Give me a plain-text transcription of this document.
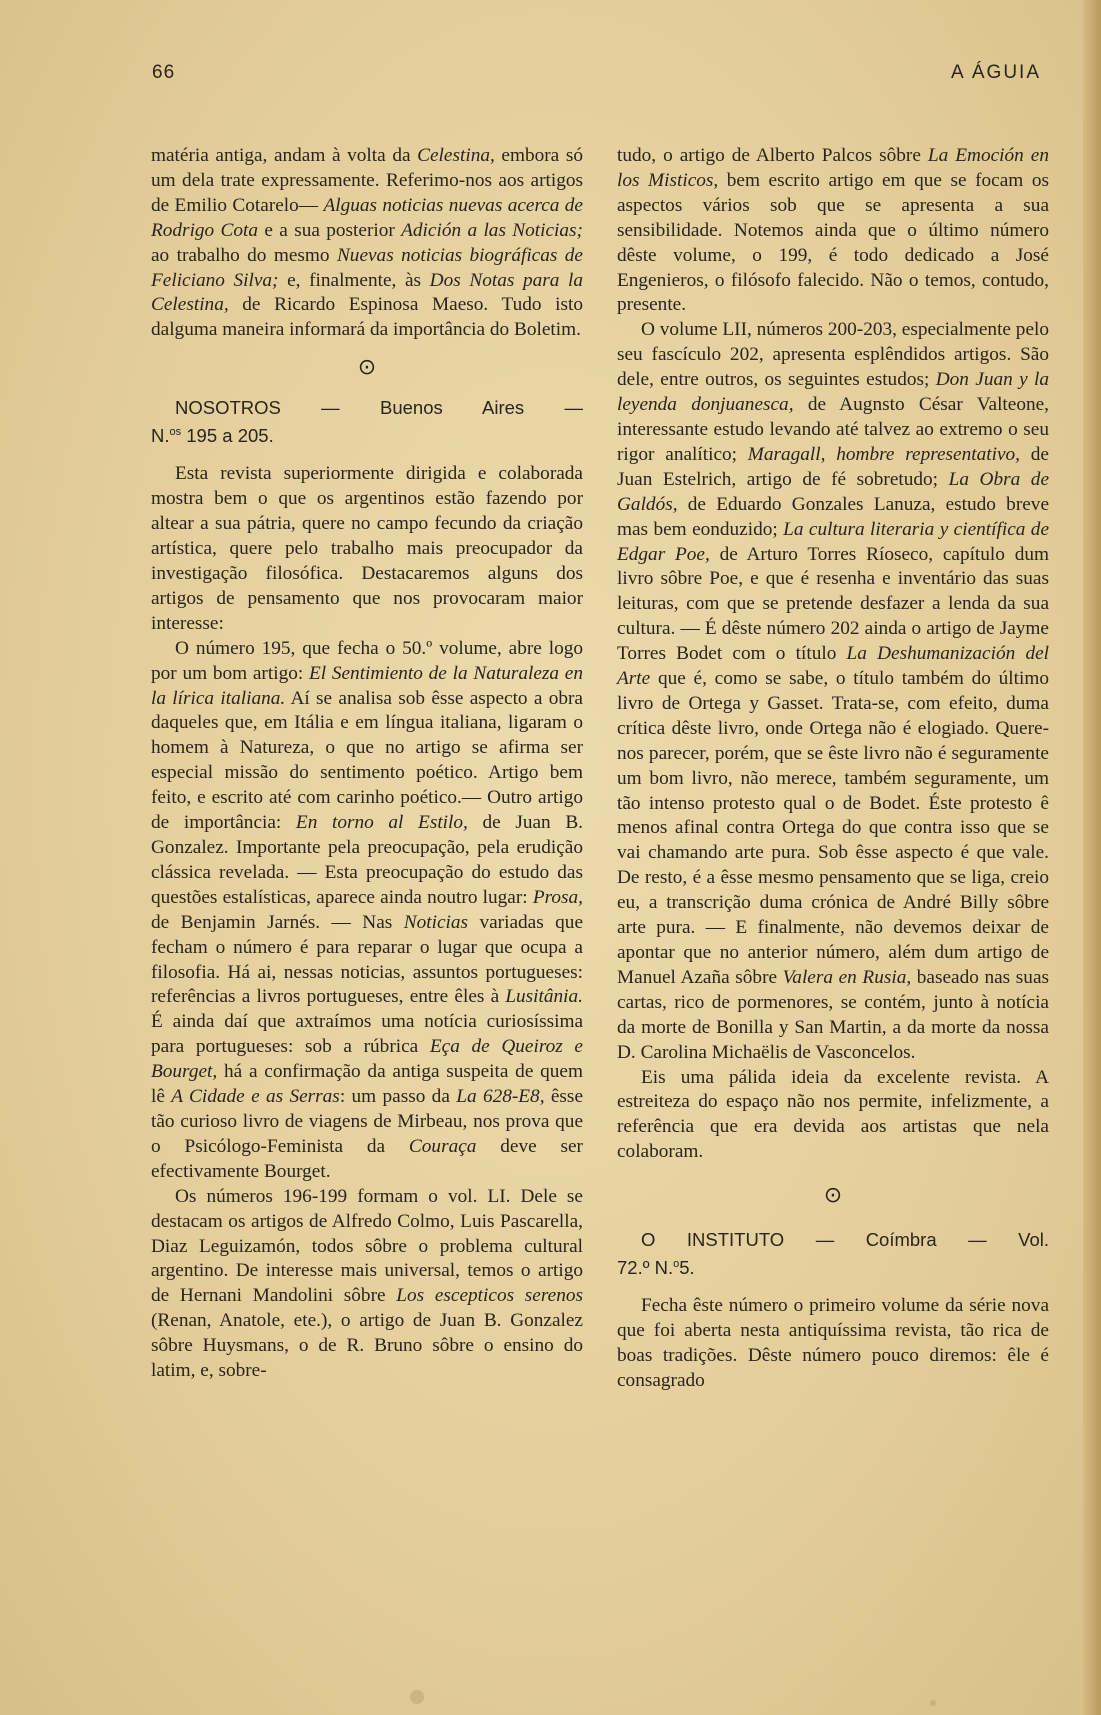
66	A ÁGUIA

matéria antiga, andam à volta da Celestina, embora só um dela trate expressamente. Referimo-nos aos artigos de Emilio Cotarelo— Alguas noticias nuevas acerca de Rodrigo Cota e a sua posterior Adición a las Noticias; ao trabalho do mesmo Nuevas noticias biográficas de Feliciano Silva; e, finalmente, às Dos Notas para la Celestina, de Ricardo Espinosa Maeso. Tudo isto dalguma maneira informará da importância do Boletim.

⊙
NOSOTROS — Buenos Aires —
N.$^{os}$ 195 a 205.

Esta revista superiormente dirigida e colaborada mostra bem o que os argentinos estão fazendo por altear a sua pátria, quere no campo fecundo da criação artística, quere pelo trabalho mais preocupador da investigação filosófica. Destacaremos alguns dos artigos de pensamento que nos provocaram maior interesse:

O número 195, que fecha o 50.º volume, abre logo por um bom artigo: El Sentimiento de la Naturaleza en la lírica italiana. Aí se analisa sob êsse aspecto a obra daqueles que, em Itália e em língua italiana, ligaram o homem à Natureza, o que no artigo se afirma ser especial missão do sentimento poético. Artigo bem feito, e escrito até com carinho poético.— Outro artigo de importância: En torno al Estilo, de Juan B. Gonzalez. Importante pela preocupação, pela erudição clássica revelada. — Esta preocupação do estudo das questões estalísticas, aparece ainda noutro lugar: Prosa, de Benjamin Jarnés. — Nas Noticias variadas que fecham o número é para reparar o lugar que ocupa a filosofia. Há ai, nessas noticias, assuntos portugueses: referências a livros portugueses, entre êles à Lusitânia. É ainda daí que axtraímos uma notícia curiosíssima para portugueses: sob a rúbrica Eça de Queiroz e Bourget, há a confirmação da antiga suspeita de quem lê A Cidade e as Serras: um passo da La 628-E8, êsse tão curioso livro de viagens de Mirbeau, nos prova que o Psicólogo-Feminista da Couraça deve ser efectivamente Bourget.

Os números 196-199 formam o vol. LI. Dele se destacam os artigos de Alfredo Colmo, Luis Pascarella, Diaz Leguizamón, todos sôbre o problema cultural argentino. De interesse mais universal, temos o artigo de Hernani Mandolini sôbre Los escepticos serenos (Renan, Anatole, ete.), o artigo de Juan B. Gonzalez sôbre Huysmans, o de R. Bruno sôbre o ensino do latim, e, sobre-

tudo, o artigo de Alberto Palcos sôbre La Emoción en los Misticos, bem escrito artigo em que se focam os aspectos vários sob que se apresenta a sua sensibilidade. Notemos ainda que o último número dêste volume, o 199, é todo dedicado a José Engenieros, o filósofo falecido. Não o temos, contudo, presente.

O volume LII, números 200-203, especialmente pelo seu fascículo 202, apresenta esplêndidos artigos. São dele, entre outros, os seguintes estudos; Don Juan y la leyenda donjuanesca, de Augnsto César Valteone, interessante estudo levando até talvez ao extremo o seu rigor analítico; Maragall, hombre representativo, de Juan Estelrich, artigo de fé sobretudo; La Obra de Galdós, de Eduardo Gonzales Lanuza, estudo breve mas bem eonduzido; La cultura literaria y científica de Edgar Poe, de Arturo Torres Ríoseco, capítulo dum livro sôbre Poe, e que é resenha e inventário das suas leituras, com que se pretende desfazer a lenda da sua cultura. — É dêste número 202 ainda o artigo de Jayme Torres Bodet com o título La Deshumanización del Arte que é, como se sabe, o título também do último livro de Ortega y Gasset. Trata-se, com efeito, duma crítica dêste livro, onde Ortega não é elogiado. Quere-nos parecer, porém, que se êste livro não é seguramente um bom livro, não merece, também seguramente, um tão intenso protesto qual o de Bodet. Éste protesto ê menos afinal contra Ortega do que contra isso que se vai chamando arte pura. Sob êsse aspecto é que vale. De resto, é a êsse mesmo pensamento que se liga, creio eu, a transcrição duma crónica de André Billy sôbre arte pura. — E finalmente, não devemos deixar de apontar que no anterior número, além dum artigo de Manuel Azaña sôbre Valera en Rusia, baseado nas suas cartas, rico de pormenores, se contém, junto à notícia da morte de Bonilla y San Martin, a da morte da nossa D. Carolina Michaëlis de Vasconcelos.

Eis uma pálida ideia da excelente revista. A estreiteza do espaço não nos permite, infelizmente, a referência que era devida aos artistas que nela colaboram.

⊙
O INSTITUTO — Coímbra — Vol.
72.º N.$^o$5.

Fecha êste número o primeiro volume da série nova que foi aberta nesta antiquíssima revista, tão rica de boas tradições. Dêste número pouco diremos: êle é consagrado
